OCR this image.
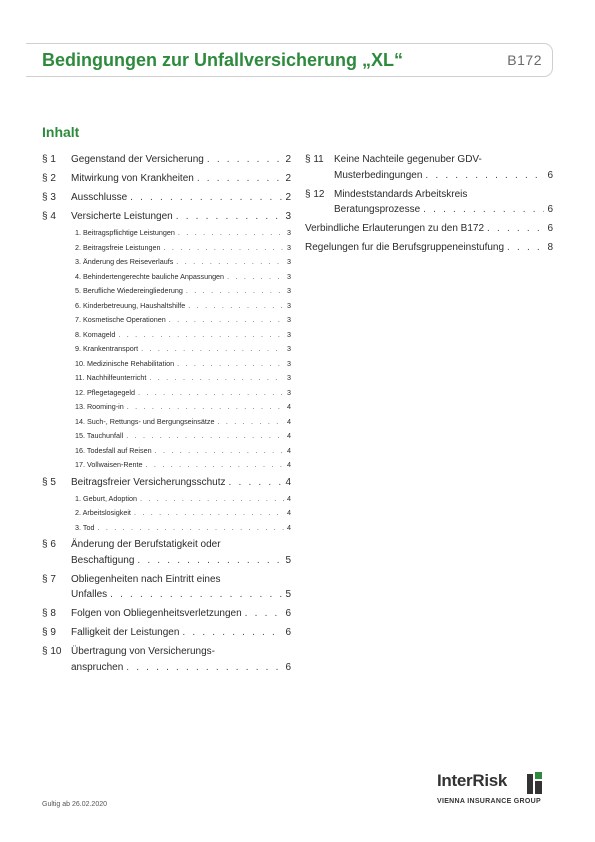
Bedingungen zur Unfallversicherung „XL“	B172
Inhalt
§ 1 Gegenstand der Versicherung . . .	2
§ 2 Mitwirkung von Krankheiten . . .	2
§ 3 Ausschlusse . . .	2
§ 4 Versicherte Leistungen . . .	3
1. Beitragspflichtige Leistungen . . .	3
2. Beitragsfreie Leistungen . . .	3
3. Änderung des Reiseverlaufs . . .	3
4. Behindertengerechte bauliche Anpassungen . . .	3
5. Berufliche Wiedereingliederung . . .	3
6. Kinderbetreuung, Haushaltshilfe . . .	3
7. Kosmetische Operationen . . .	3
8. Komageld . . .	3
9. Krankentransport . . .	3
10. Medizinische Rehabilitation . . .	3
11. Nachhilfeunterricht . . .	3
12. Pflegetagegeld . . .	3
13. Rooming-in . . .	4
14. Such-, Rettungs- und Bergungseinsätze . . .	4
15. Tauchunfall . . .	4
16. Todesfall auf Reisen . . .	4
17. Vollwaisen-Rente . . .	4
§ 5 Beitragsfreier Versicherungsschutz . . .	4
1. Geburt, Adoption . . .	4
2. Arbeitslosigkeit . . .	4
3. Tod . . .	4
§ 6 Änderung der Berufstatigkeit oder
Beschaftigung . . .	5
§ 7 Obliegenheiten nach Eintritt eines
Unfalles . . .	5
§ 8 Folgen von Obliegenheitsverletzungen . . .	6
§ 9 Falligkeit der Leistungen . . .	6
§ 10 Übertragung von Versicherungs-
anspruchen . . .	6
§ 11 Keine Nachteile gegenuber GDV-
Musterbedingungen . . .	6
§ 12 Mindeststandards Arbeitskreis
Beratungsprozesse . . .	6
Verbindliche Erlauterungen zu den B172 . . .	6
Regelungen fur die Berufsgruppeneinstufung . . .	8
Gultig ab 26.02.2020
InterRisk
VIENNA INSURANCE GROUP
